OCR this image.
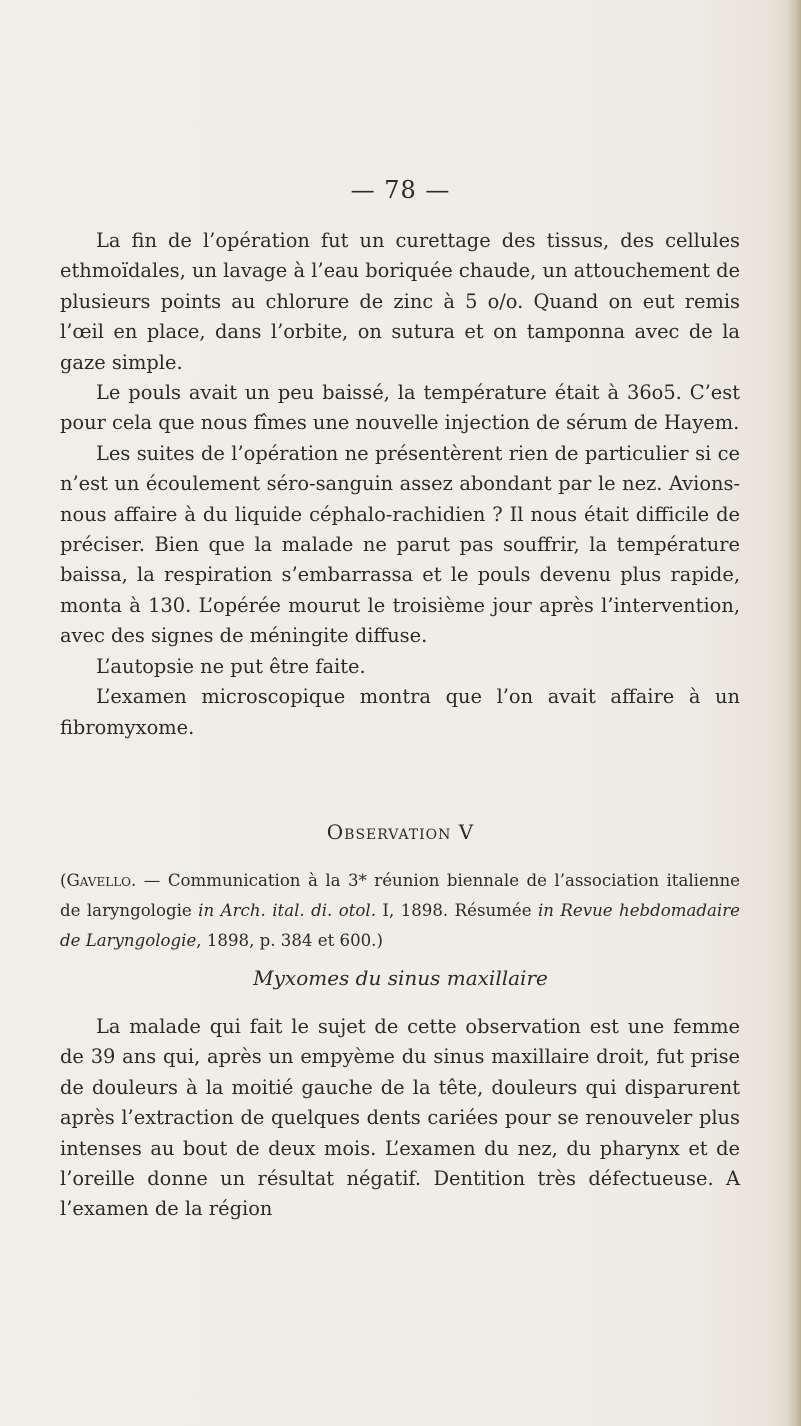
— 78 —

La fin de l’opération fut un curettage des tissus, des cellules ethmoïdales, un lavage à l’eau boriquée chaude, un attouchement de plusieurs points au chlorure de zinc à 5 o/o. Quand on eut remis l’œil en place, dans l’orbite, on sutura et on tamponna avec de la gaze simple.

Le pouls avait un peu baissé, la température était à 36o5. C’est pour cela que nous fîmes une nouvelle injection de sérum de Hayem.

Les suites de l’opération ne présentèrent rien de particulier si ce n’est un écoulement séro-sanguin assez abondant par le nez. Avions-nous affaire à du liquide céphalo-rachidien ? Il nous était difficile de préciser. Bien que la malade ne parut pas souffrir, la température baissa, la respiration s’embarrassa et le pouls devenu plus rapide, monta à 130. L’opérée mourut le troisième jour après l’intervention, avec des signes de méningite diffuse.

L’autopsie ne put être faite.

L’examen microscopique montra que l’on avait affaire à un fibromyxome.

Observation V
(Gavello. — Communication à la 3* réunion biennale de l’association italienne de laryngologie in Arch. ital. di. otol. I, 1898. Résumée in Revue hebdomadaire de Laryngologie, 1898, p. 384 et 600.)
Myxomes du sinus maxillaire

La malade qui fait le sujet de cette observation est une femme de 39 ans qui, après un empyème du sinus maxillaire droit, fut prise de douleurs à la moitié gauche de la tête, douleurs qui disparurent après l’extraction de quelques dents cariées pour se renouveler plus intenses au bout de deux mois. L’examen du nez, du pharynx et de l’oreille donne un résultat négatif. Dentition très défectueuse. A l’examen de la région
